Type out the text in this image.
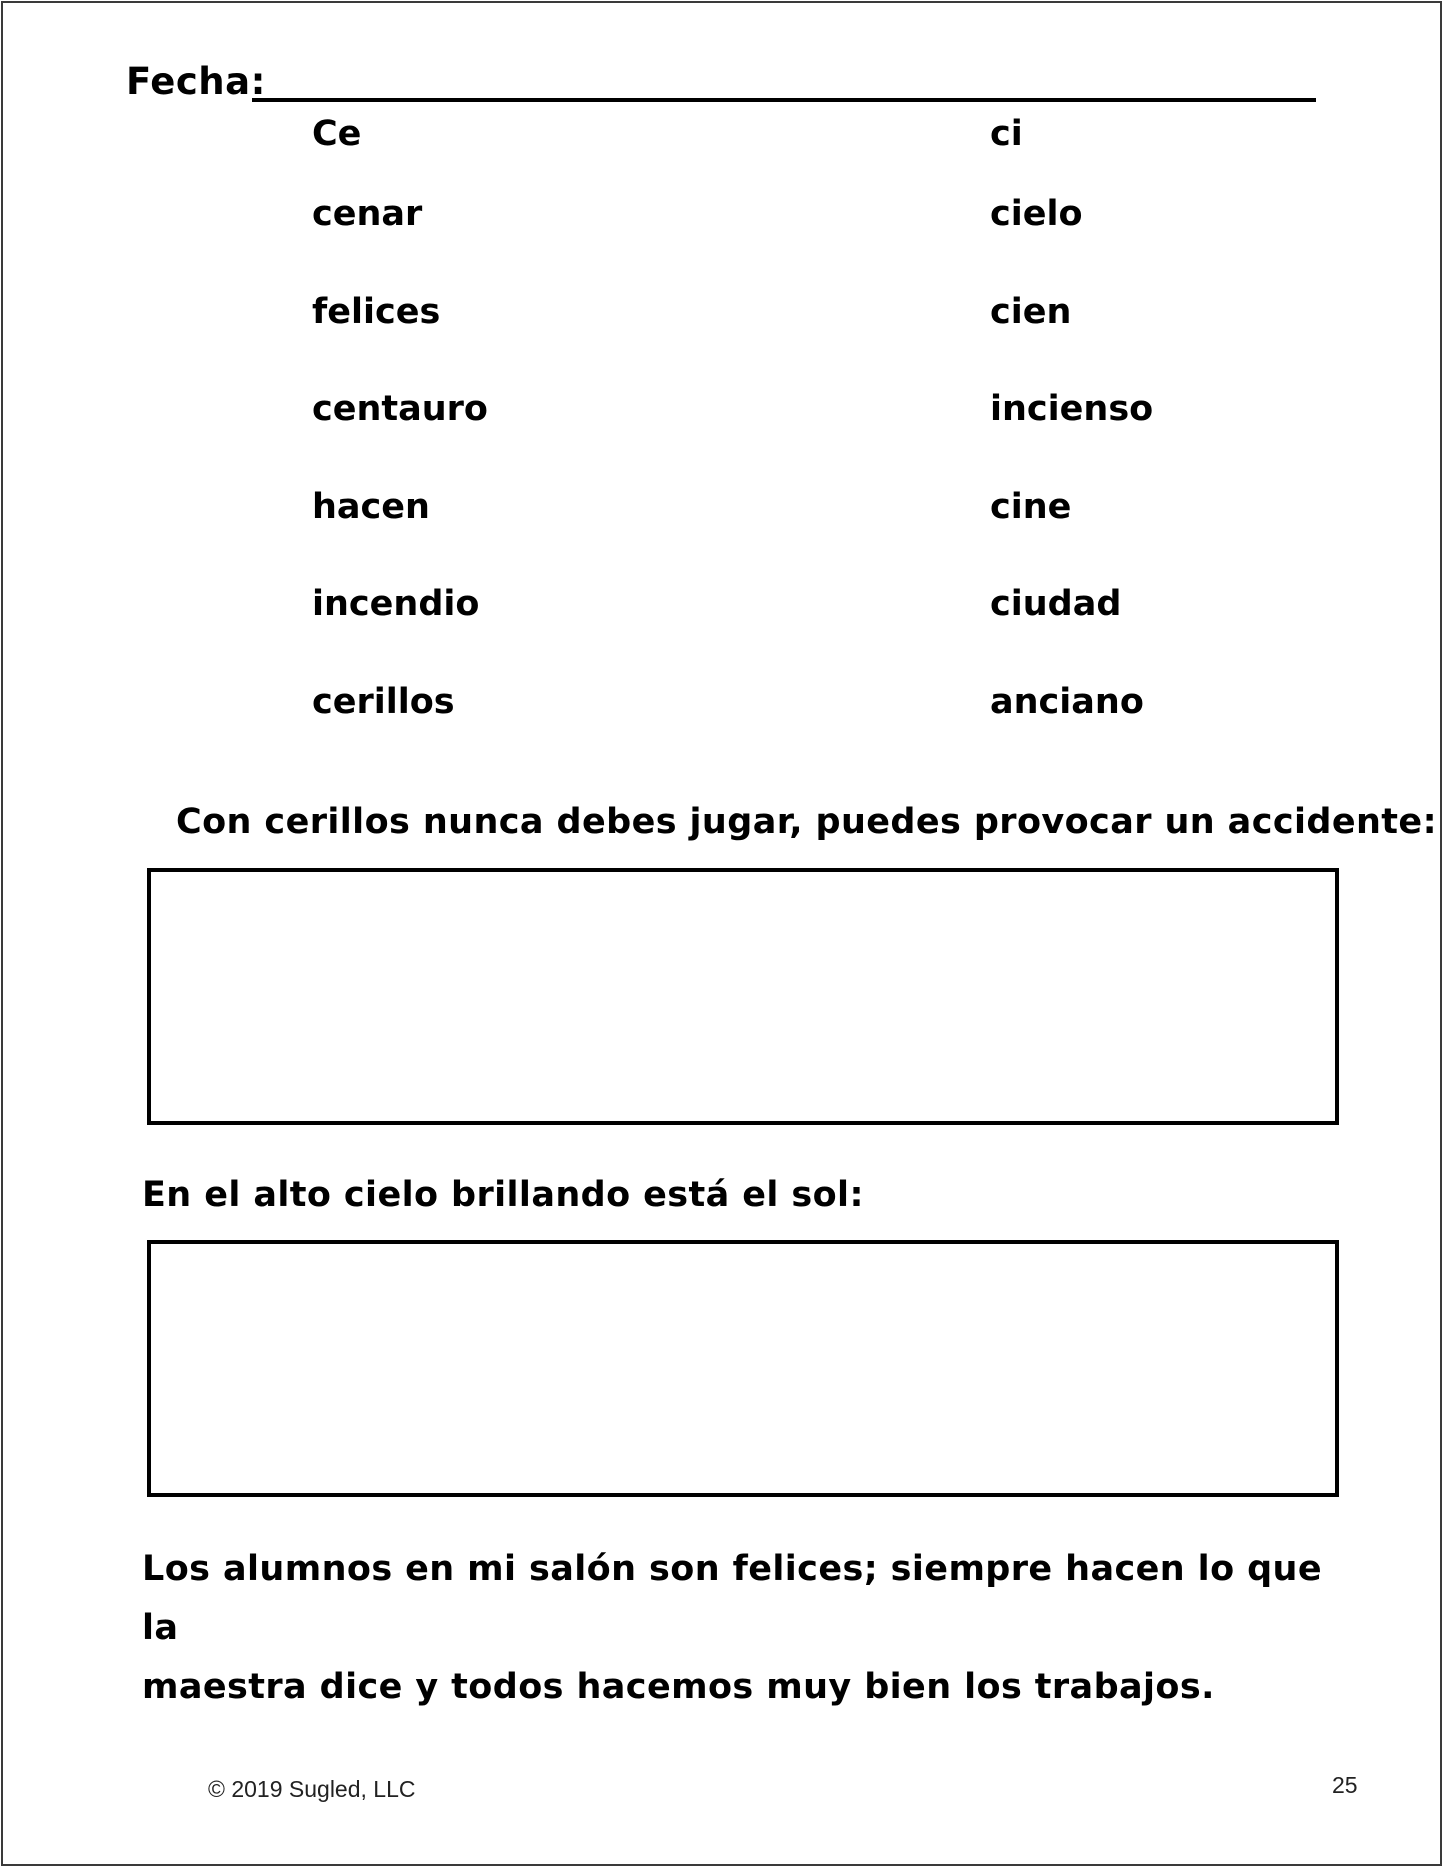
Fecha:
Ce
cenar
felices
centauro
hacen
incendio
cerillos
ci
cielo
cien
incienso
cine
ciudad
anciano
Con cerillos nunca debes jugar, puedes provocar un accidente:
En el alto cielo brillando está el sol:

Los alumnos en mi salón son felices; siempre hacen lo que la
maestra dice y todos hacemos muy bien los trabajos.

© 2019 Sugled, LLC	25
